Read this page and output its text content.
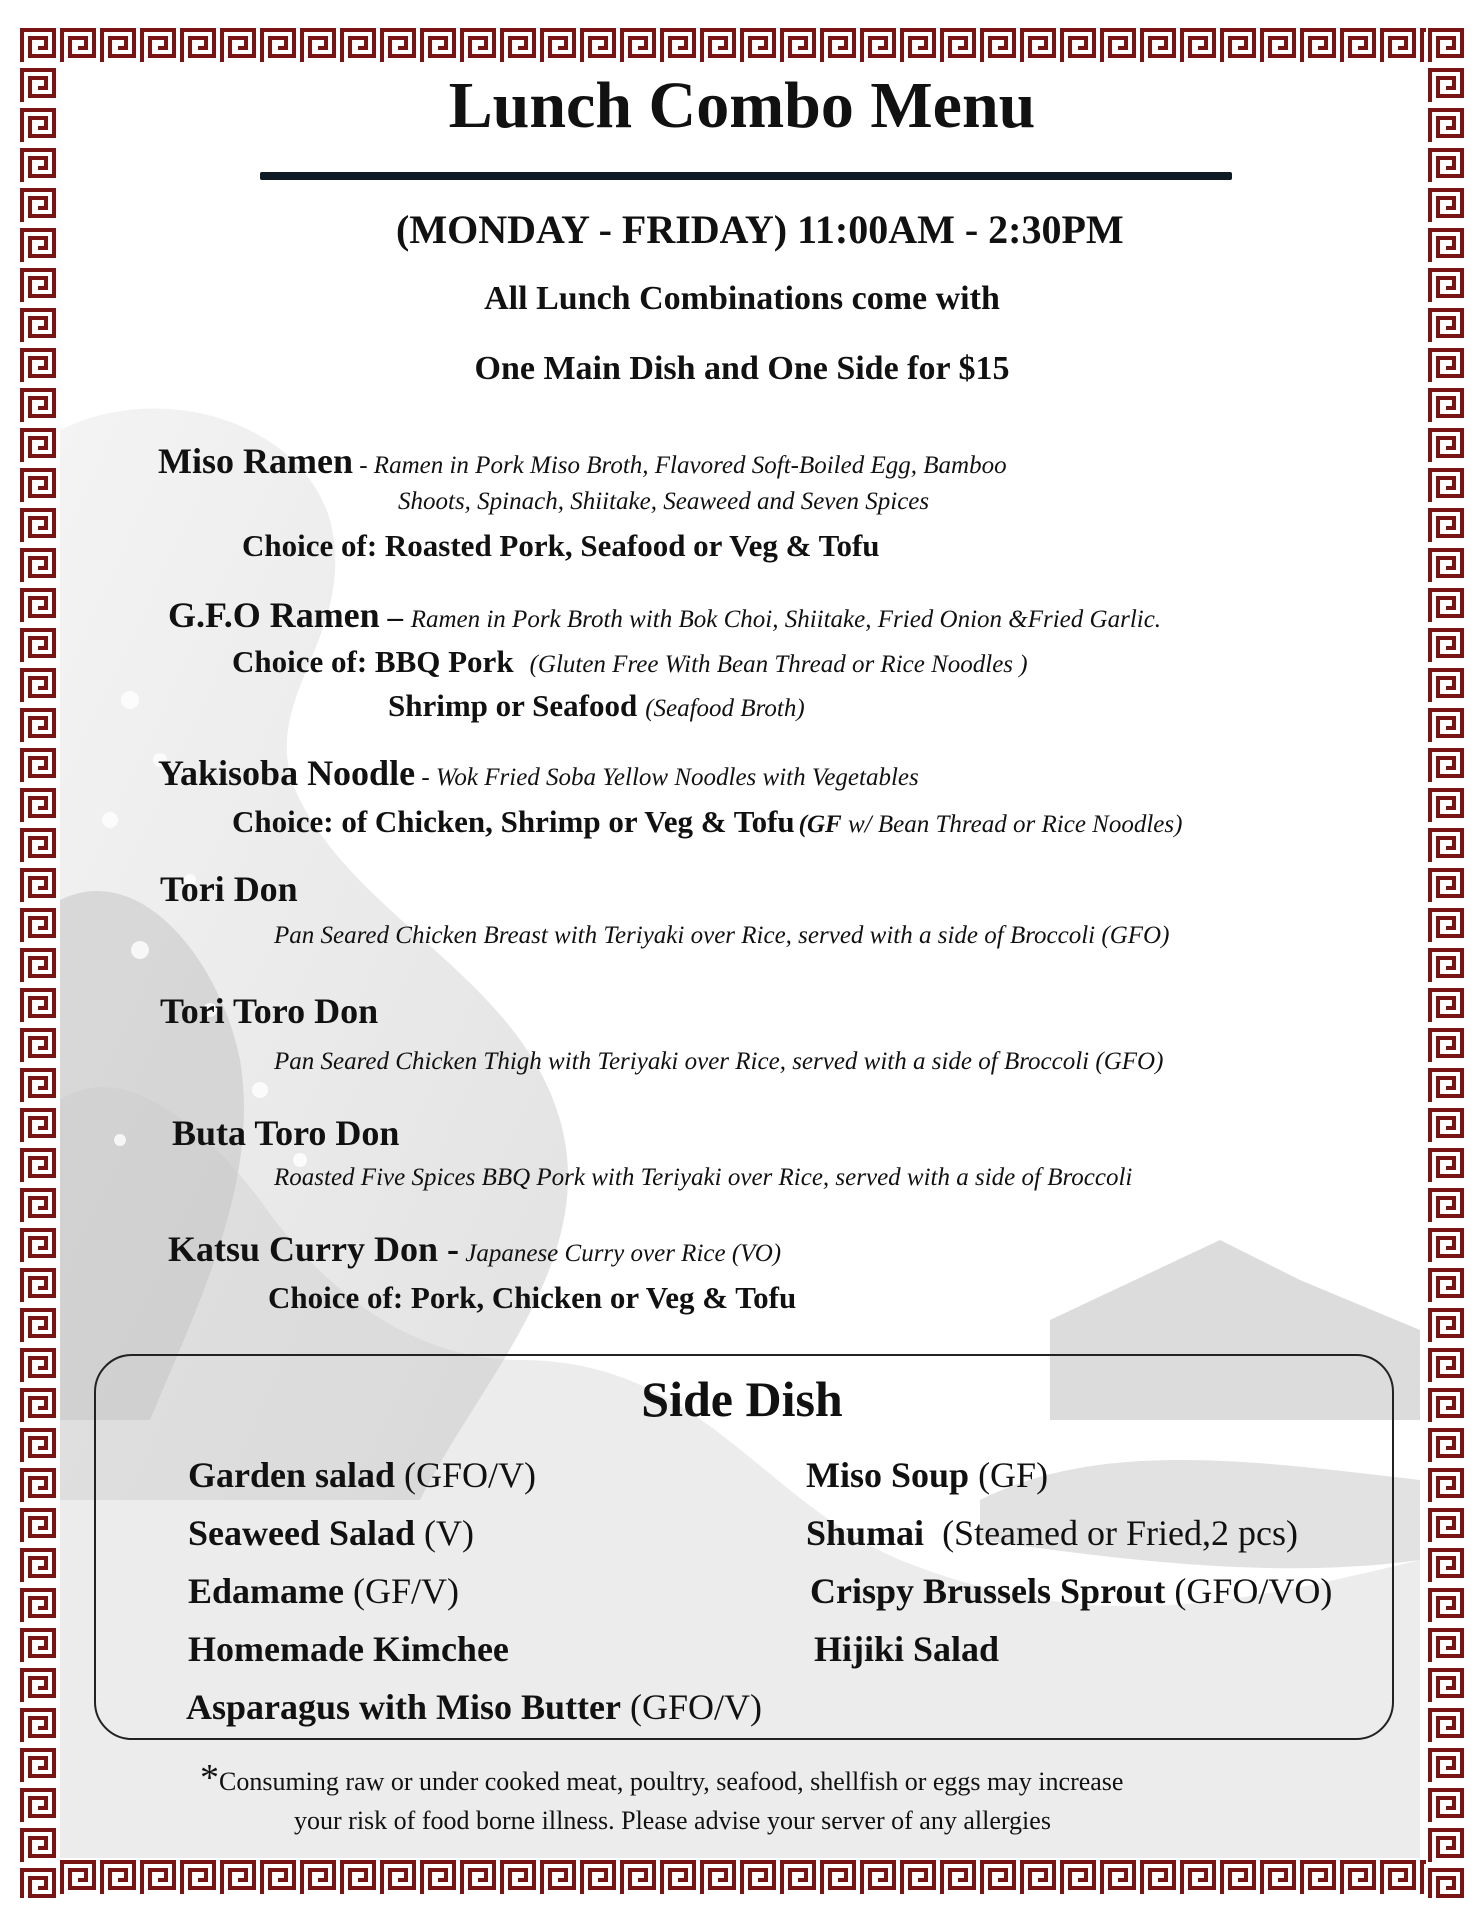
Lunch Combo Menu
(MONDAY - FRIDAY) 11:00AM - 2:30PM
All Lunch Combinations come with
One Main Dish and One Side for $15
Miso Ramen - Ramen in Pork Miso Broth, Flavored Soft-Boiled Egg, Bamboo
Shoots, Spinach, Shiitake, Seaweed and Seven Spices
Choice of: Roasted Pork, Seafood or Veg & Tofu
G.F.O Ramen – Ramen in Pork Broth with Bok Choi, Shiitake, Fried Onion &Fried Garlic.
Choice of: BBQ Pork (Gluten Free With Bean Thread or Rice Noodles )
Shrimp or Seafood (Seafood Broth)
Yakisoba Noodle - Wok Fried Soba Yellow Noodles with Vegetables
Choice: of Chicken, Shrimp or Veg & Tofu (GF w/ Bean Thread or Rice Noodles)
Tori Don
Pan Seared Chicken Breast with Teriyaki over Rice, served with a side of Broccoli (GFO)
Tori Toro Don
Pan Seared Chicken Thigh with Teriyaki over Rice, served with a side of Broccoli (GFO)
Buta Toro Don
Roasted Five Spices BBQ Pork with Teriyaki over Rice, served with a side of Broccoli
Katsu Curry Don - Japanese Curry over Rice (VO)
Choice of: Pork, Chicken or Veg & Tofu
Side Dish
Garden salad (GFO/V)
Seaweed Salad (V)
Edamame (GF/V)
Homemade Kimchee
Asparagus with Miso Butter (GFO/V)
Miso Soup (GF)
Shumai  (Steamed or Fried,2 pcs)
Crispy Brussels Sprout (GFO/VO)
Hijiki Salad
*Consuming raw or under cooked meat, poultry, seafood, shellfish or eggs may increase
your risk of food borne illness. Please advise your server of any allergies
